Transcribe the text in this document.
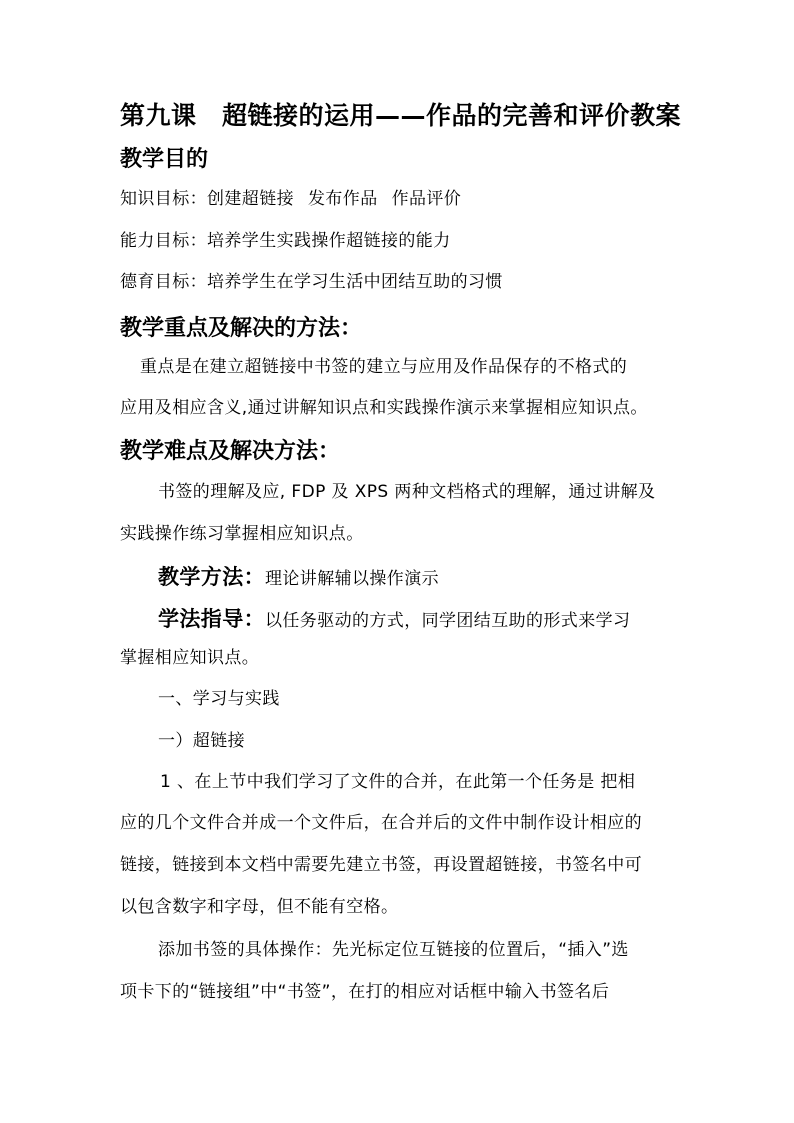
第九课　超链接的运用——作品的完善和评价教案
教学目的
知识目标：创建超链接 发布作品 作品评价
能力目标：培养学生实践操作超链接的能力
德育目标：培养学生在学习生活中团结互助的习惯
教学重点及解决的方法：
重点是在建立超链接中书签的建立与应用及作品保存的不格式的
应用及相应含义,通过讲解知识点和实践操作演示来掌握相应知识点。
教学难点及解决方法：
书签的理解及应, FDP 及 XPS 两种文档格式的理解，通过讲解及
实践操作练习掌握相应知识点。
教学方法：理论讲解辅以操作演示
学法指导：以任务驱动的方式，同学团结互助的形式来学习
掌握相应知识点。
一、学习与实践
一）超链接
1 、在上节中我们学习了文件的合并，在此第一个任务是 把相
应的几个文件合并成一个文件后，在合并后的文件中制作设计相应的
链接，链接到本文档中需要先建立书签，再设置超链接，书签名中可
以包含数字和字母，但不能有空格。
添加书签的具体操作：先光标定位互链接的位置后，“插入”选
项卡下的“链接组”中“书签”，在打的相应对话框中输入书签名后
